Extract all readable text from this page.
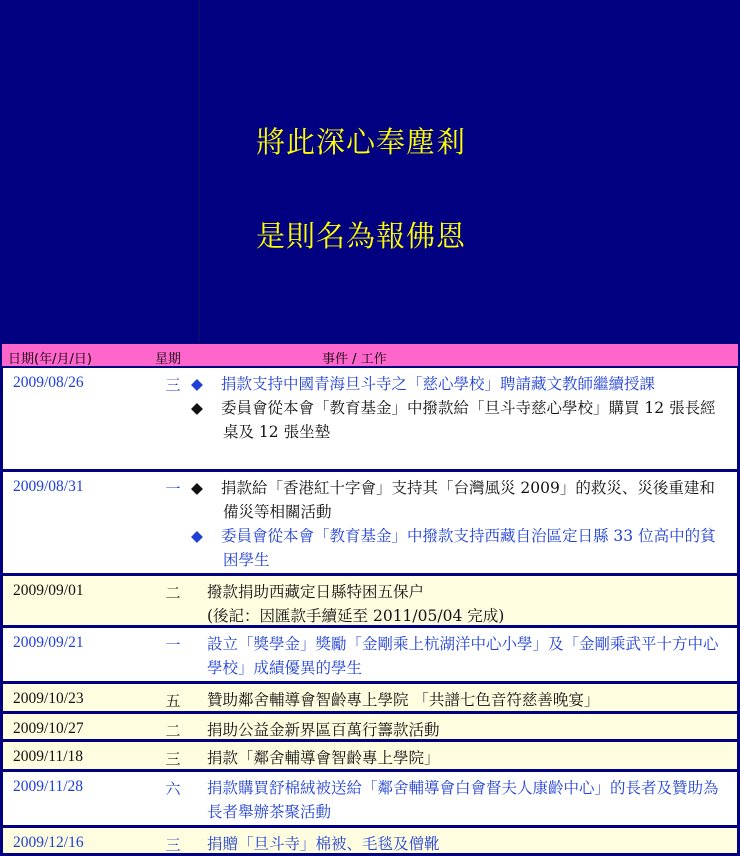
將此深心奉塵剎
是則名為報佛恩
日期(年/月/日)	星期	事件 / 工作
2009/08/26	三 ◆ 捐款支持中國青海旦斗寺之「慈心學校」聘請藏文教師繼續授課
◆ 委員會從本會「教育基金」中撥款給「旦斗寺慈心學校」購買 12 張長經桌及 12 張坐墊
2009/08/31	一 ◆ 捐款給「香港紅十字會」支持其「台灣風災 2009」的救災、災後重建和備災等相關活動
◆ 委員會從本會「教育基金」中撥款支持西藏自治區定日縣 33 位高中的貧困學生
2009/09/01	二 撥款捐助西藏定日縣特困五保户
(後記：因匯款手續延至 2011/05/04 完成)
2009/09/21	一 設立「獎學金」獎勵「金剛乘上杭湖洋中心小學」及「金剛乘武平十方中心學校」成績優異的學生
2009/10/23	五 贊助鄰舍輔導會智齡專上學院 「共譜七色音符慈善晚宴」
2009/10/27	二 捐助公益金新界區百萬行籌款活動
2009/11/18	三 捐款「鄰舍輔導會智齡專上學院」
2009/11/28	六 捐款購買舒棉絨被送給「鄰舍輔導會白會督夫人康齡中心」的長者及贊助為長者舉辦茶聚活動
2009/12/16	三 捐贈「旦斗寺」棉被、毛毯及僧靴
